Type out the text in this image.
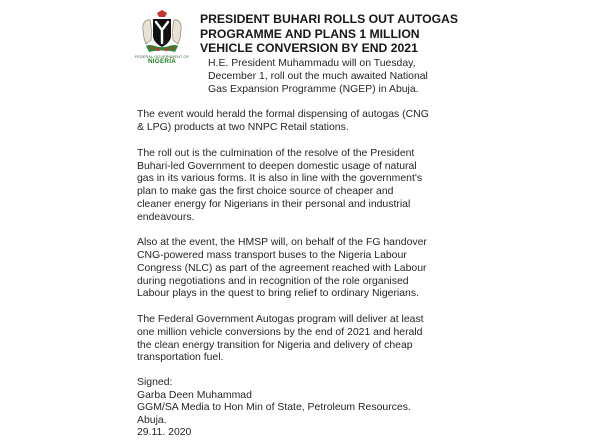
FEDERAL GOVERNMENT OF
NIGERIA
PRESIDENT BUHARI ROLLS OUT AUTOGAS
PROGRAMME AND PLANS 1 MILLION
VEHICLE CONVERSION BY END 2021

H.E. President Muhammadu will on Tuesday,
December 1, roll out the much awaited National
Gas Expansion Programme (NGEP) in Abuja.

The event would herald the formal dispensing of autogas (CNG
& LPG) products at two NNPC Retail stations.

The roll out is the culmination of the resolve of the President
Buhari-led Government to deepen domestic usage of natural
gas in its various forms. It is also in line with the government's
plan to make gas the first choice source of cheaper and
cleaner energy for Nigerians in their personal and industrial
endeavours.

Also at the event, the HMSP will, on behalf of the FG handover
CNG-powered mass transport buses to the Nigeria Labour
Congress (NLC) as part of the agreement reached with Labour
during negotiations and in recognition of the role organised
Labour plays in the quest to bring relief to ordinary Nigerians.

The Federal Government Autogas program will deliver at least
one million vehicle conversions by the end of 2021 and herald
the clean energy transition for Nigeria and delivery of cheap
transportation fuel.

Signed:

Garba Deen Muhammad

GGM/SA Media to Hon Min of State, Petroleum Resources.

Abuja.

29.11. 2020
